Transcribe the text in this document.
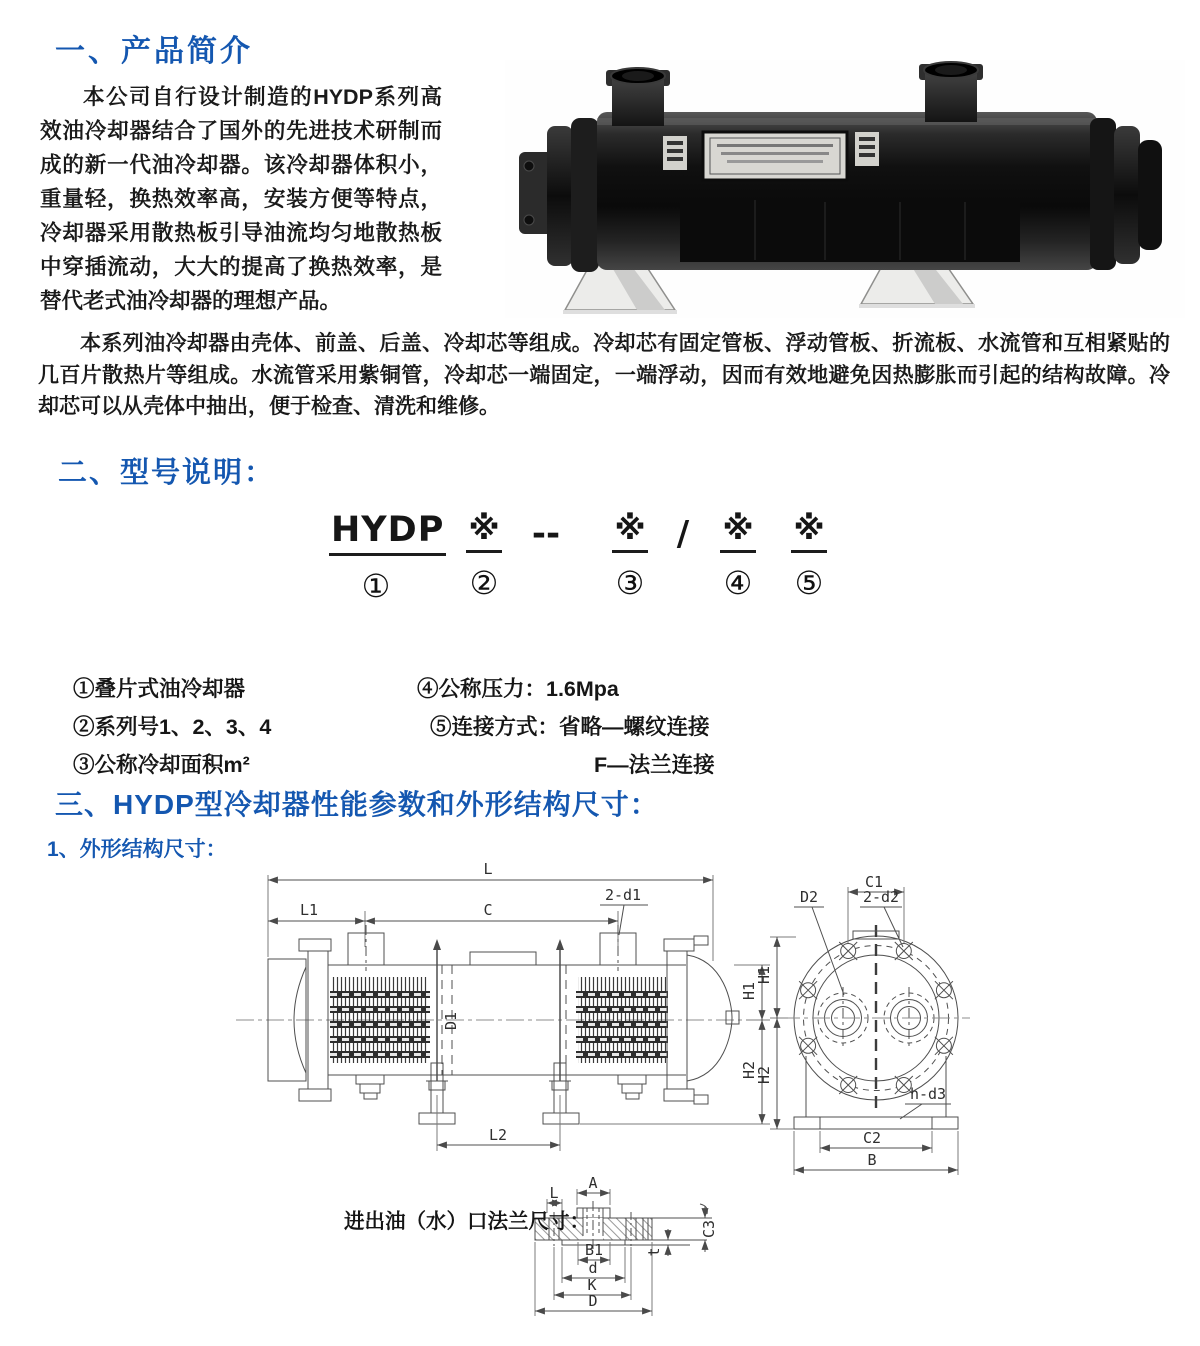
一、产品简介

本公司自行设计制造的HYDP系列高效油冷却器结合了国外的先进技术研制而成的新一代油冷却器。该冷却器体积小，重量轻，换热效率高，安装方便等特点，冷却器采用散热板引导油流均匀地散热板中穿插流动，大大的提高了换热效率，是替代老式油冷却器的理想产品。

本系列油冷却器由壳体、前盖、后盖、冷却芯等组成。冷却芯有固定管板、浮动管板、折流板、水流管和互相紧贴的几百片散热片等组成。水流管采用紫铜管，冷却芯一端固定，一端浮动，因而有效地避免因热膨胀而引起的结构故障。冷却芯可以从壳体中抽出，便于检查、清洗和维修。

二、型号说明：
HYDP
①
※
②
-- ※
③
/ ※
④
※
⑤
①叠片式油冷却器
②系列号1、2、3、4
③公称冷却面积m²
④公称压力：1.6Mpa
⑤连接方式：省略—螺纹连接
F—法兰连接
三、HYDP型冷却器性能参数和外形结构尺寸：
1、外形结构尺寸：
L
L1	C
2-d1
D1
L2
H1
H2
C1
D2	2-d2
H1
H2
h-d3
C2
B
A
L
B1
d
K
D
C3
t
进出油（水）口法兰尺寸：
